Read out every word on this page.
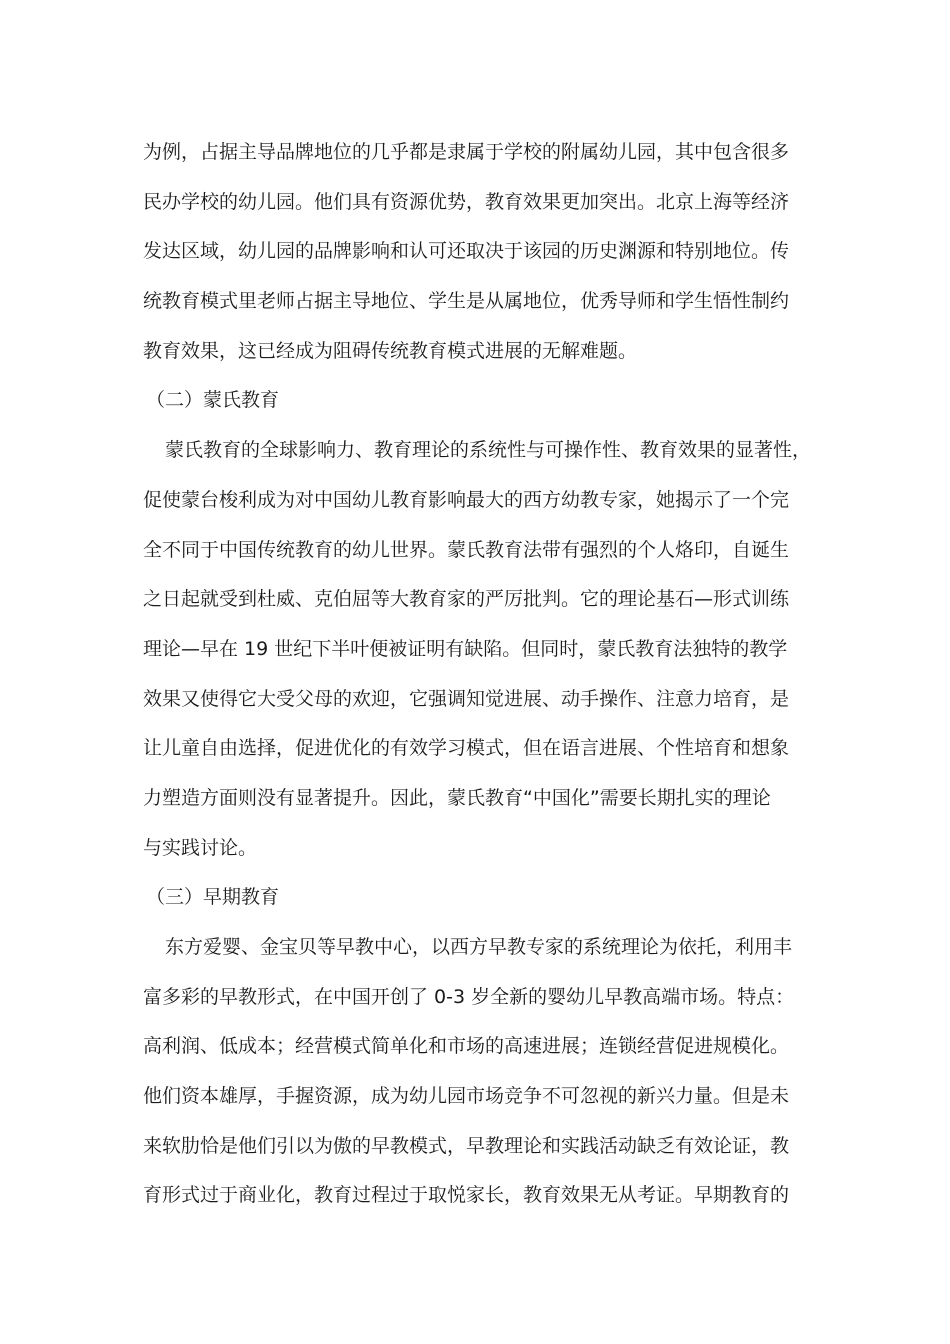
为例，占据主导品牌地位的几乎都是隶属于学校的附属幼儿园，其中包含很多
民办学校的幼儿园。他们具有资源优势，教育效果更加突出。北京上海等经济
发达区域，幼儿园的品牌影响和认可还取决于该园的历史渊源和特别地位。传
统教育模式里老师占据主导地位、学生是从属地位，优秀导师和学生悟性制约
教育效果，这已经成为阻碍传统教育模式进展的无解难题。
（二）蒙氏教育
蒙氏教育的全球影响力、教育理论的系统性与可操作性、教育效果的显著性，
促使蒙台梭利成为对中国幼儿教育影响最大的西方幼教专家，她揭示了一个完
全不同于中国传统教育的幼儿世界。蒙氏教育法带有强烈的个人烙印，自诞生
之日起就受到杜威、克伯屈等大教育家的严厉批判。它的理论基石—形式训练
理论—早在 19 世纪下半叶便被证明有缺陷。但同时，蒙氏教育法独特的教学
效果又使得它大受父母的欢迎，它强调知觉进展、动手操作、注意力培育，是
让儿童自由选择，促进优化的有效学习模式，但在语言进展、个性培育和想象
力塑造方面则没有显著提升。因此，蒙氏教育“中国化”需要长期扎实的理论
与实践讨论。
（三）早期教育
东方爱婴、金宝贝等早教中心，以西方早教专家的系统理论为依托，利用丰
富多彩的早教形式，在中国开创了 0-3 岁全新的婴幼儿早教高端市场。特点：
高利润、低成本；经营模式简单化和市场的高速进展；连锁经营促进规模化。
他们资本雄厚，手握资源，成为幼儿园市场竞争不可忽视的新兴力量。但是未
来软肋恰是他们引以为傲的早教模式，早教理论和实践活动缺乏有效论证，教
育形式过于商业化，教育过程过于取悦家长，教育效果无从考证。早期教育的
